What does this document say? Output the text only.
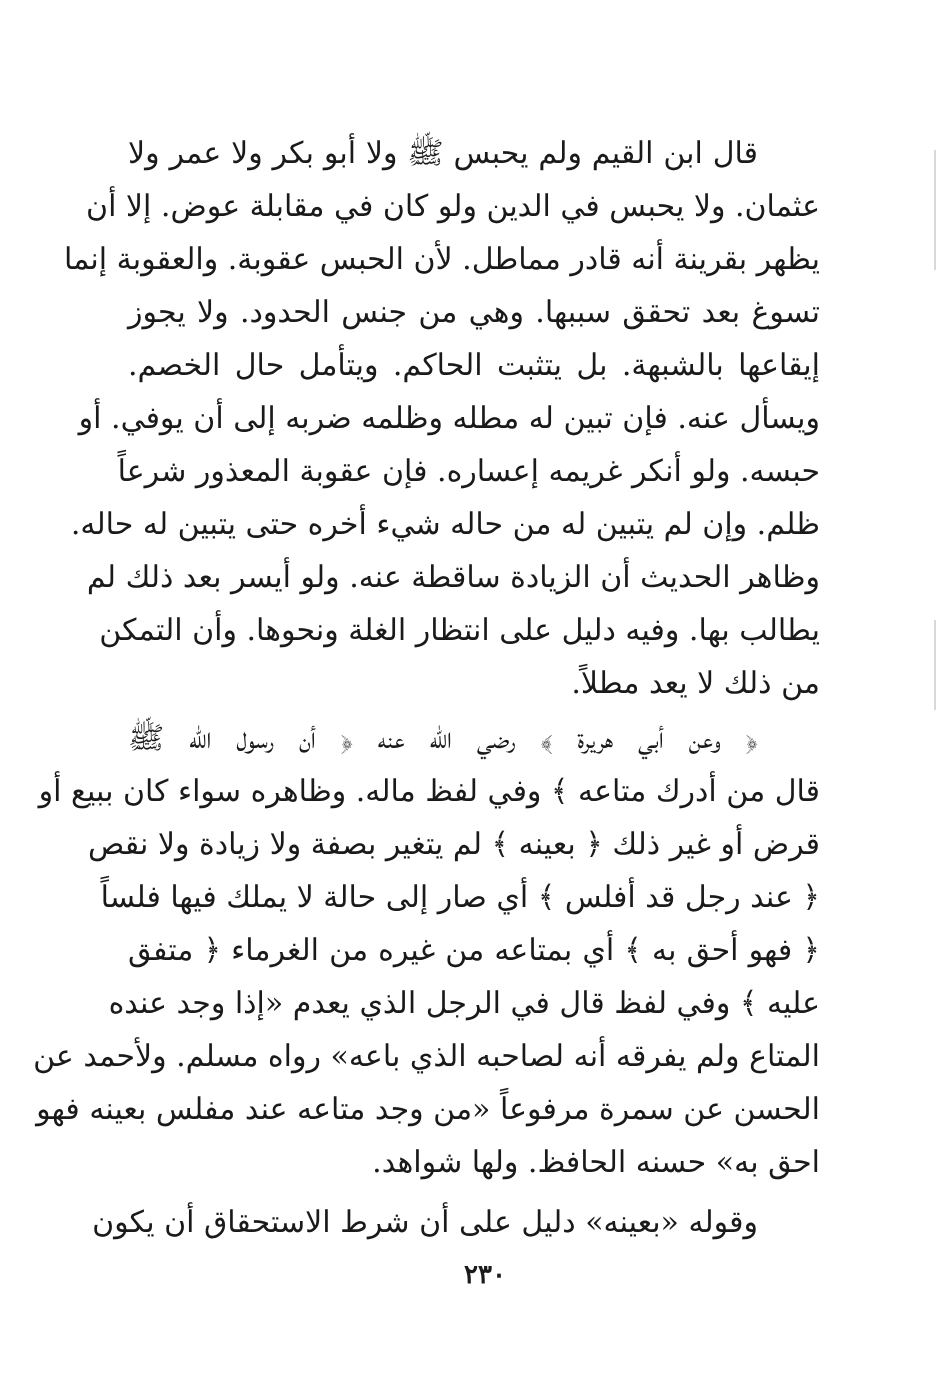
قال ابن القيم ولم يحبس ﷺ ولا أبو بكر ولا عمر ولا
عثمان. ولا يحبس في الدين ولو كان في مقابلة عوض. إلا أن
يظهر بقرينة أنه قادر مماطل. لأن الحبس عقوبة. والعقوبة إنما
تسوغ بعد تحقق سببها. وهي من جنس الحدود. ولا يجوز
إيقاعها بالشبهة. بل يتثبت الحاكم. ويتأمل حال الخصم.
ويسأل عنه. فإن تبين له مطله وظلمه ضربه إلى أن يوفي. أو
حبسه. ولو أنكر غريمه إعساره. فإن عقوبة المعذور شرعاً
ظلم. وإن لم يتبين له من حاله شيء أخره حتى يتبين له حاله.
وظاهر الحديث أن الزيادة ساقطة عنه. ولو أيسر بعد ذلك لم
يطالب بها. وفيه دليل على انتظار الغلة ونحوها. وأن التمكن
من ذلك لا يعد مطلاً.
﴿ وعن أبي هريرة ﴾ رضي الله عنه ﴿ أن رسول الله ﷺ
قال من أدرك متاعه ﴾ وفي لفظ ماله. وظاهره سواء كان ببيع أو
قرض أو غير ذلك ﴿ بعينه ﴾ لم يتغير بصفة ولا زيادة ولا نقص
﴿ عند رجل قد أفلس ﴾ أي صار إلى حالة لا يملك فيها فلساً
﴿ فهو أحق به ﴾ أي بمتاعه من غيره من الغرماء ﴿ متفق
عليه ﴾ وفي لفظ قال في الرجل الذي يعدم «إذا وجد عنده
المتاع ولم يفرقه أنه لصاحبه الذي باعه» رواه مسلم. ولأحمد عن
الحسن عن سمرة مرفوعاً «من وجد متاعه عند مفلس بعينه فهو
احق به» حسنه الحافظ. ولها شواهد.
وقوله «بعينه» دليل على أن شرط الاستحقاق أن يكون
٢٣٠
